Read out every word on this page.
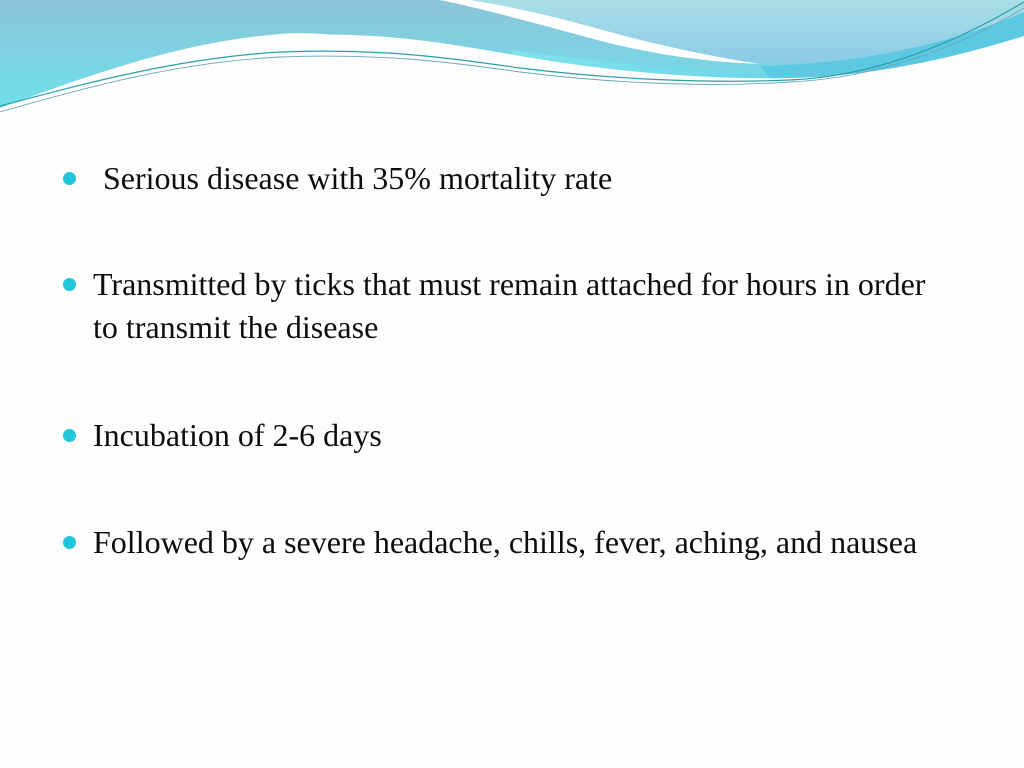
Serious disease with 35% mortality rate
Transmitted by ticks that must remain attached for hours in order to transmit the disease
Incubation of 2-6 days
Followed by a severe headache, chills, fever, aching, and nausea
